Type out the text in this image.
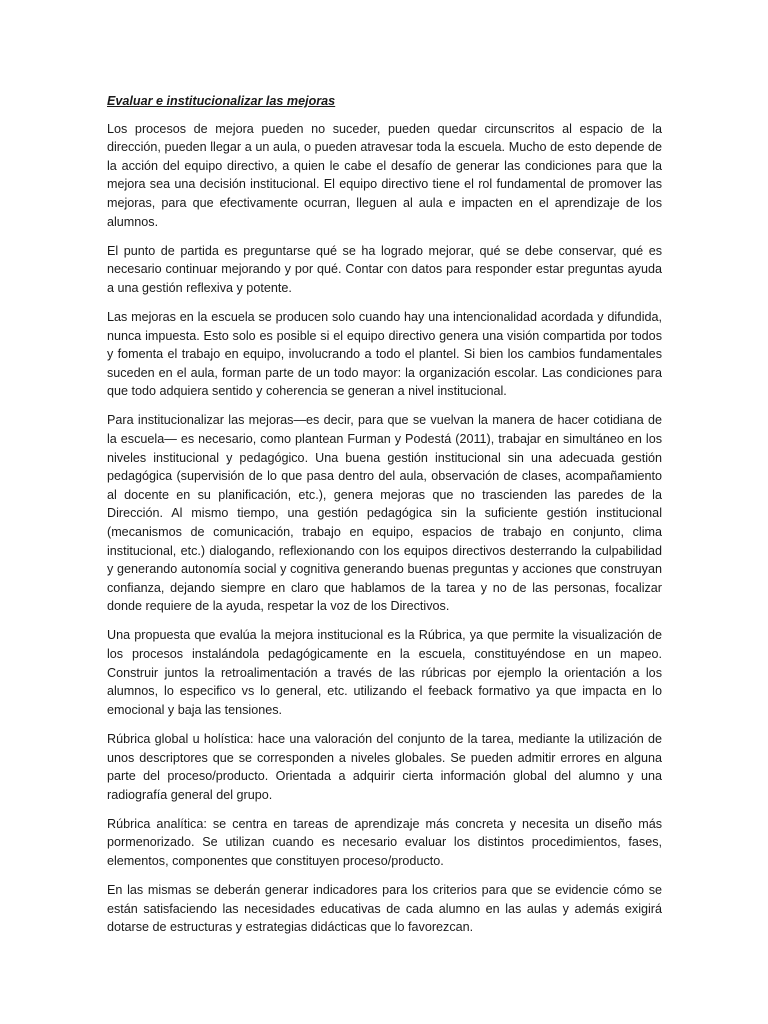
Evaluar e institucionalizar las mejoras

Los procesos de mejora pueden no suceder, pueden quedar circunscritos al espacio de la dirección, pueden llegar a un aula, o pueden atravesar toda la escuela. Mucho de esto depende de la acción del equipo directivo, a quien le cabe el desafío de generar las condiciones para que la mejora sea una decisión institucional. El equipo directivo tiene el rol fundamental de promover las mejoras, para que efectivamente ocurran, lleguen al aula e impacten en el aprendizaje de los alumnos.

El punto de partida es preguntarse qué se ha logrado mejorar, qué se debe conservar, qué es necesario continuar mejorando y por qué. Contar con datos para responder estar preguntas ayuda a una gestión reflexiva y potente.

Las mejoras en la escuela se producen solo cuando hay una intencionalidad acordada y difundida, nunca impuesta. Esto solo es posible si el equipo directivo genera una visión compartida por todos y fomenta el trabajo en equipo, involucrando a todo el plantel. Si bien los cambios fundamentales suceden en el aula, forman parte de un todo mayor: la organización escolar. Las condiciones para que todo adquiera sentido y coherencia se generan a nivel institucional.

Para institucionalizar las mejoras—es decir, para que se vuelvan la manera de hacer cotidiana de la escuela— es necesario, como plantean Furman y Podestá (2011), trabajar en simultáneo en los niveles institucional y pedagógico. Una buena gestión institucional sin una adecuada gestión pedagógica (supervisión de lo que pasa dentro del aula, observación de clases, acompañamiento al docente en su planificación, etc.), genera mejoras que no trascienden las paredes de la Dirección. Al mismo tiempo, una gestión pedagógica sin la suficiente gestión institucional (mecanismos de comunicación, trabajo en equipo, espacios de trabajo en conjunto, clima institucional, etc.) dialogando, reflexionando con los equipos directivos desterrando la culpabilidad y generando autonomía social y cognitiva generando buenas preguntas y acciones que construyan confianza, dejando siempre en claro que hablamos de la tarea y no de las personas, focalizar donde requiere de la ayuda, respetar la voz de los Directivos.

Una propuesta que evalúa la mejora institucional es la Rúbrica, ya que permite la visualización de los procesos instalándola pedagógicamente en la escuela, constituyéndose en un mapeo. Construir juntos la retroalimentación a través de las rúbricas por ejemplo la orientación a los alumnos, lo especifico vs lo general, etc. utilizando el feeback formativo ya que impacta en lo emocional y baja las tensiones.

Rúbrica global u holística: hace una valoración del conjunto de la tarea, mediante la utilización de unos descriptores que se corresponden a niveles globales. Se pueden admitir errores en alguna parte del proceso/producto. Orientada a adquirir cierta información global del alumno y una radiografía general del grupo.

Rúbrica analítica: se centra en tareas de aprendizaje más concreta y necesita un diseño más pormenorizado. Se utilizan cuando es necesario evaluar los distintos procedimientos, fases, elementos, componentes que constituyen proceso/producto.

En las mismas se deberán generar indicadores para los criterios para que se evidencie cómo se están satisfaciendo las necesidades educativas de cada alumno en las aulas y además exigirá dotarse de estructuras y estrategias didácticas que lo favorezcan.
